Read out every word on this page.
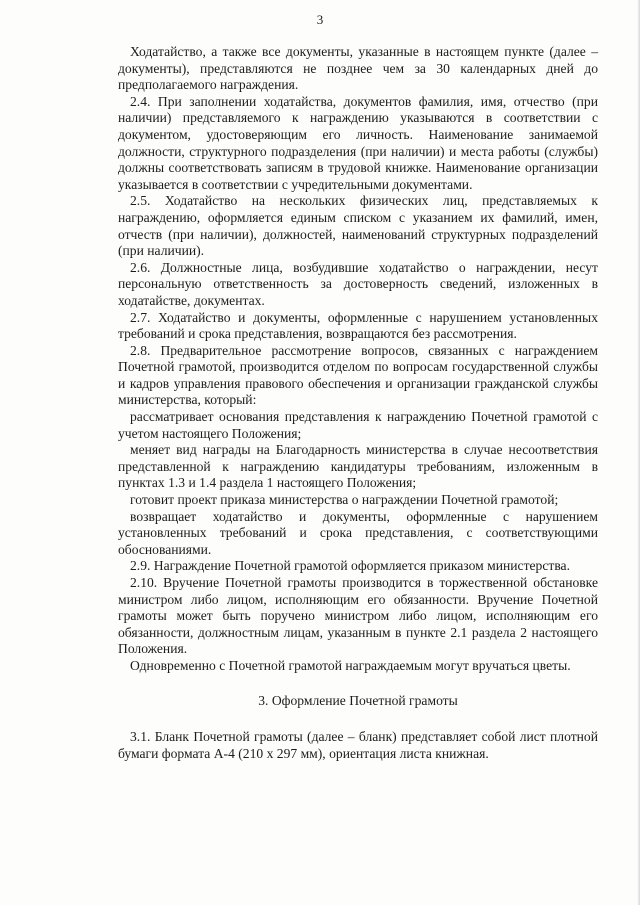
3

Ходатайство, а также все документы, указанные в настоящем пункте (далее – документы), представляются не позднее чем за 30 календарных дней до предполагаемого награждения.

2.4. При заполнении ходатайства, документов фамилия, имя, отчество (при наличии) представляемого к награждению указываются в соответствии с документом, удостоверяющим его личность. Наименование занимаемой должности, структурного подразделения (при наличии) и места работы (службы) должны соответствовать записям в трудовой книжке. Наименование организации указывается в соответствии с учредительными документами.

2.5. Ходатайство на нескольких физических лиц, представляемых к награждению, оформляется единым списком с указанием их фамилий, имен, отчеств (при наличии), должностей, наименований структурных подразделений (при наличии).

2.6. Должностные лица, возбудившие ходатайство о награждении, несут персональную ответственность за достоверность сведений, изложенных в ходатайстве, документах.

2.7. Ходатайство и документы, оформленные с нарушением установленных требований и срока представления, возвращаются без рассмотрения.

2.8. Предварительное рассмотрение вопросов, связанных с награждением Почетной грамотой, производится отделом по вопросам государственной службы и кадров управления правового обеспечения и организации гражданской службы министерства, который:

рассматривает основания представления к награждению Почетной грамотой с учетом настоящего Положения;

меняет вид награды на Благодарность министерства в случае несоответствия представленной к награждению кандидатуры требованиям, изложенным в пунктах 1.3 и 1.4 раздела 1 настоящего Положения;

готовит проект приказа министерства о награждении Почетной грамотой;

возвращает ходатайство и документы, оформленные с нарушением установленных требований и срока представления, с соответствующими обоснованиями.

2.9. Награждение Почетной грамотой оформляется приказом министерства.

2.10. Вручение Почетной грамоты производится в торжественной обстановке министром либо лицом, исполняющим его обязанности. Вручение Почетной грамоты может быть поручено министром либо лицом, исполняющим его обязанности, должностным лицам, указанным в пункте 2.1 раздела 2 настоящего Положения.

Одновременно с Почетной грамотой награждаемым могут вручаться цветы.

3. Оформление Почетной грамоты

3.1. Бланк Почетной грамоты (далее – бланк) представляет собой лист плотной бумаги формата А-4 (210 х 297 мм), ориентация листа книжная.
